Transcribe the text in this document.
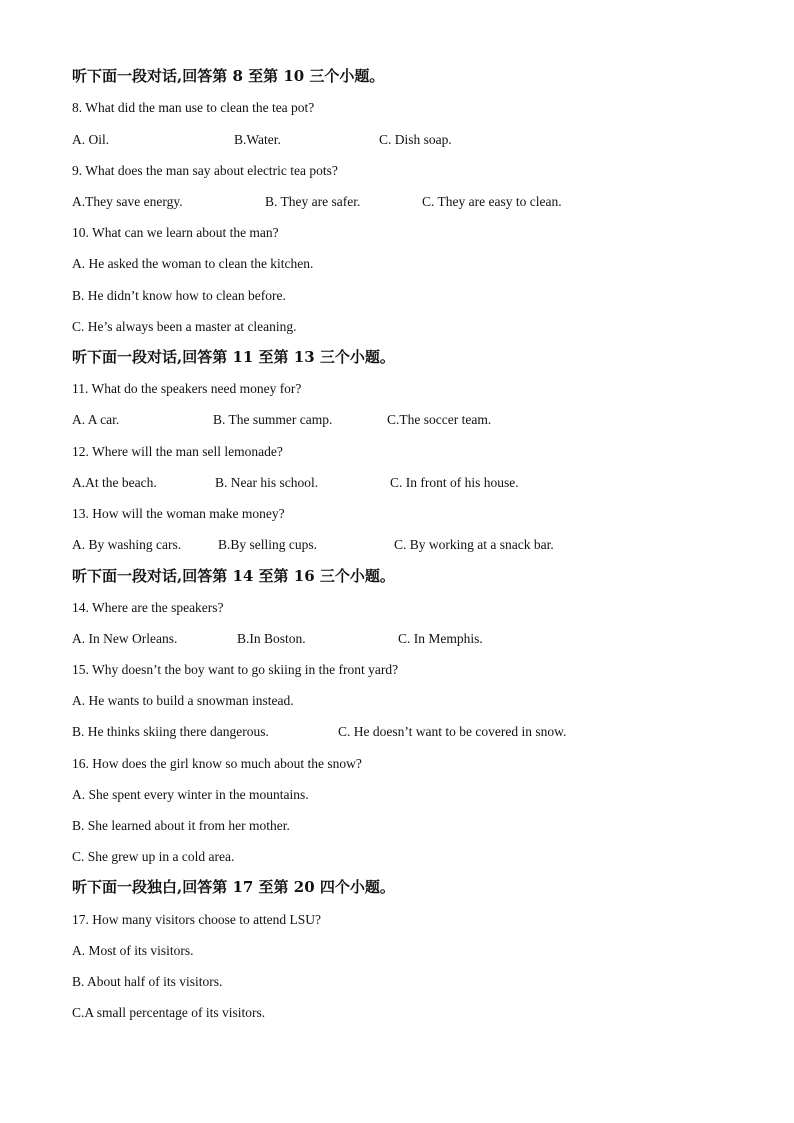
听下面一段对话,回答第 8 至第 10 三个小题。
8. What did the man use to clean the tea pot?
A. Oil.	B.Water.	C. Dish soap.
9. What does the man say about electric tea pots?
A.They save energy.	B. They are safer.	C. They are easy to clean.
10. What can we learn about the man?
A. He asked the woman to clean the kitchen.
B. He didn’t know how to clean before.
C. He’s always been a master at cleaning.
听下面一段对话,回答第 11 至第 13 三个小题。
11. What do the speakers need money for?
A. A car.	B. The summer camp.	C.The soccer team.
12. Where will the man sell lemonade?
A.At the beach.	B. Near his school.	C. In front of his house.
13. How will the woman make money?
A. By washing cars.	B.By selling cups.	C. By working at a snack bar.
听下面一段对话,回答第 14 至第 16 三个小题。
14. Where are the speakers?
A. In New Orleans.	B.In Boston.	C. In Memphis.
15. Why doesn’t the boy want to go skiing in the front yard?
A. He wants to build a snowman instead.
B. He thinks skiing there dangerous.	C. He doesn’t want to be covered in snow.
16. How does the girl know so much about the snow?
A. She spent every winter in the mountains.
B. She learned about it from her mother.
C. She grew up in a cold area.
听下面一段独白,回答第 17 至第 20 四个小题。
17. How many visitors choose to attend LSU?
A. Most of its visitors.
B. About half of its visitors.
C.A small percentage of its visitors.
